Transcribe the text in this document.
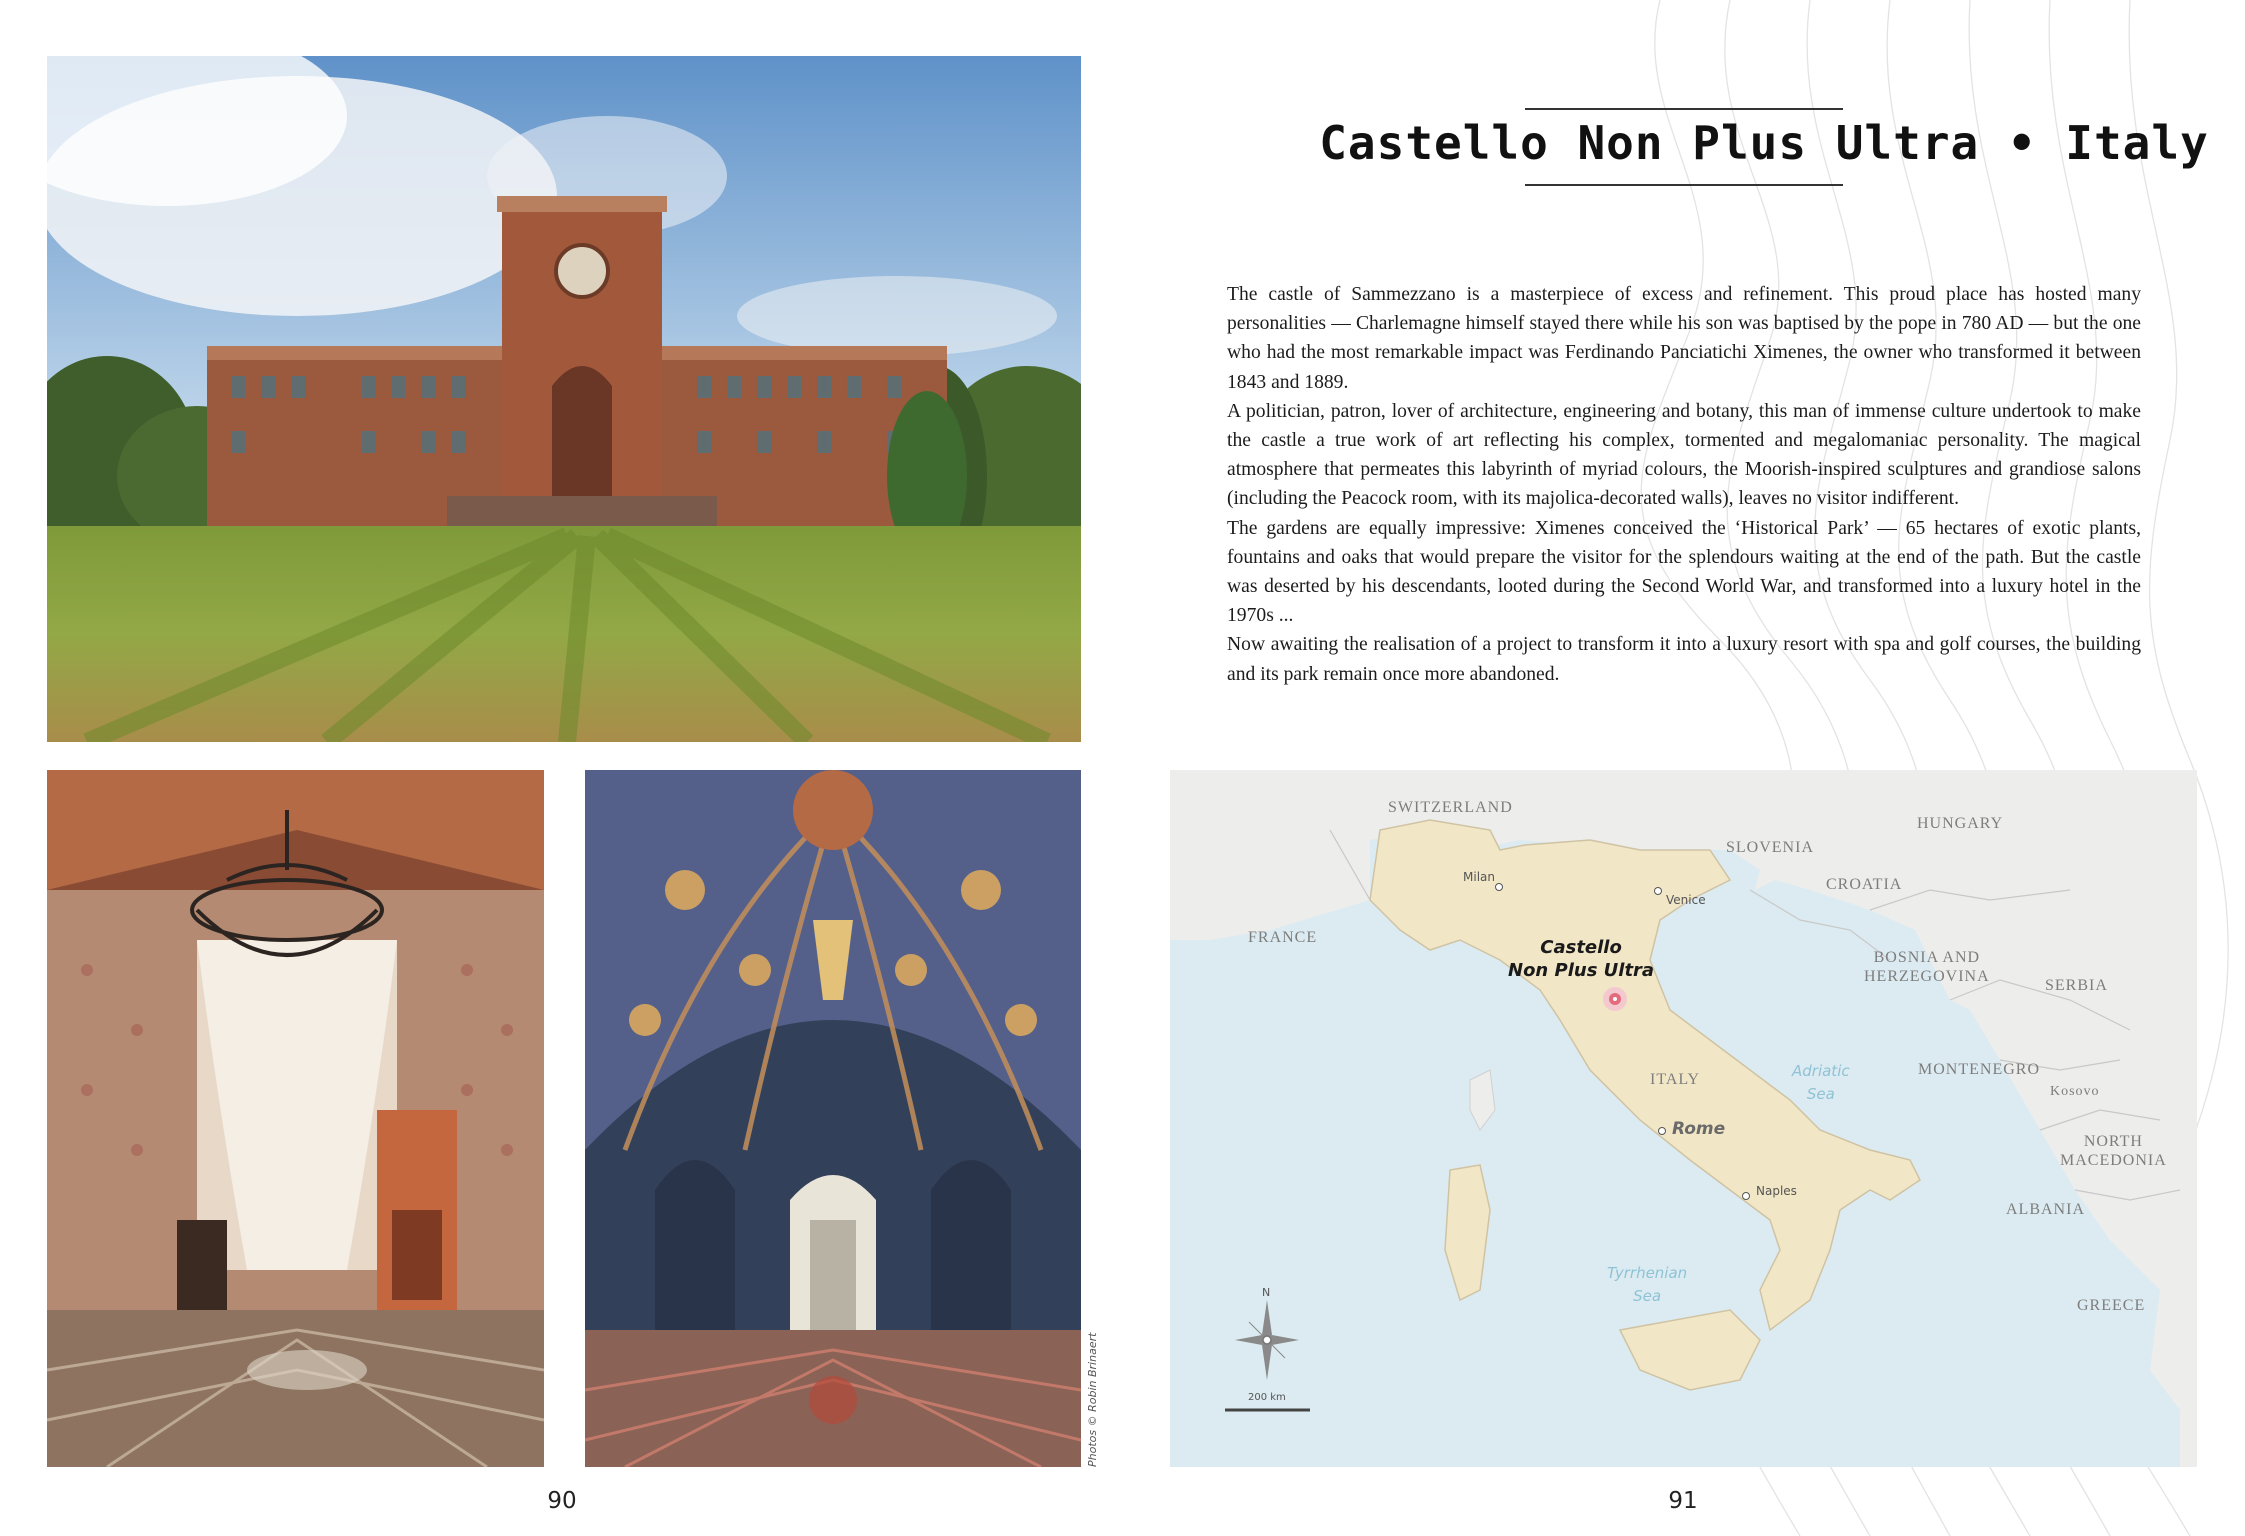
Photos © Robin Brinaert
90	91
Castello Non Plus Ultra • Italy

The castle of Sammezzano is a masterpiece of excess and refinement. This proud place has hosted many personalities — Charlemagne himself stayed there while his son was baptised by the pope in 780 AD — but the one who had the most remarkable impact was Ferdinando Panciatichi Ximenes, the owner who transformed it between 1843 and 1889.

A politician, patron, lover of architecture, engineering and botany, this man of immense culture undertook to make the castle a true work of art reflecting his complex, tormented and megalomaniac personality. The magical atmosphere that permeates this labyrinth of myriad colours, the Moorish-inspired sculptures and grandiose salons (including the Peacock room, with its majolica-decorated walls), leaves no visitor indifferent.

The gardens are equally impressive: Ximenes conceived the ‘Historical Park’ — 65 hectares of exotic plants, fountains and oaks that would prepare the visitor for the splendours waiting at the end of the path. But the castle was deserted by his descendants, looted during the Second World War, and transformed into a luxury hotel in the 1970s ...

Now awaiting the realisation of a project to transform it into a luxury resort with spa and golf courses, the building and its park remain once more abandoned.

SWITZERLAND
SLOVENIA
HUNGARY
CROATIA
FRANCE
BOSNIA AND
HERZEGOVINA
SERBIA
ITALY
MONTENEGRO
Kosovo
NORTH
MACEDONIA
ALBANIA
GREECE
Milan
Venice
Rome
Naples
Adriatic
Sea
Tyrrhenian
Sea
Castello
Non Plus Ultra
N
200 km
